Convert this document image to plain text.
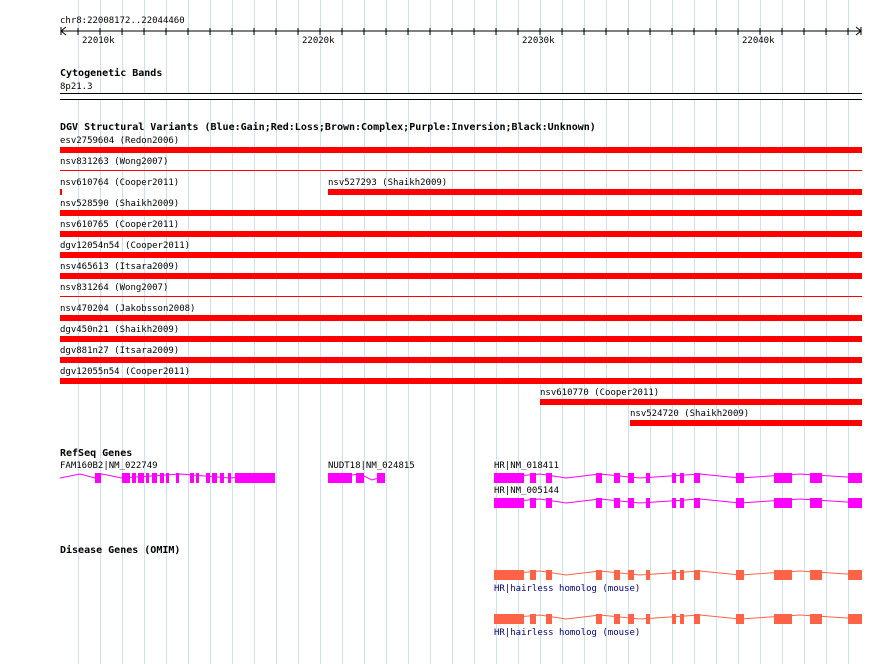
chr8:22008172..22044460
22010k	22020k	22030k	22040k
Cytogenetic Bands
8p21.3
DGV Structural Variants (Blue:Gain;Red:Loss;Brown:Complex;Purple:Inversion;Black:Unknown)
esv2759604 (Redon2006)
nsv831263 (Wong2007)
nsv610764 (Cooper2011)	nsv527293 (Shaikh2009)
nsv528590 (Shaikh2009)
nsv610765 (Cooper2011)
dgv12054n54 (Cooper2011)
nsv465613 (Itsara2009)
nsv831264 (Wong2007)
nsv470204 (Jakobsson2008)
dgv450n21 (Shaikh2009)
dgv881n27 (Itsara2009)
dgv12055n54 (Cooper2011)
nsv610770 (Cooper2011)
nsv524720 (Shaikh2009)
RefSeq Genes
FAM160B2|NM_022749	NUDT18|NM_024815	HR|NM_018411
HR|NM_005144
Disease Genes (OMIM)
HR|hairless homolog (mouse)
HR|hairless homolog (mouse)
